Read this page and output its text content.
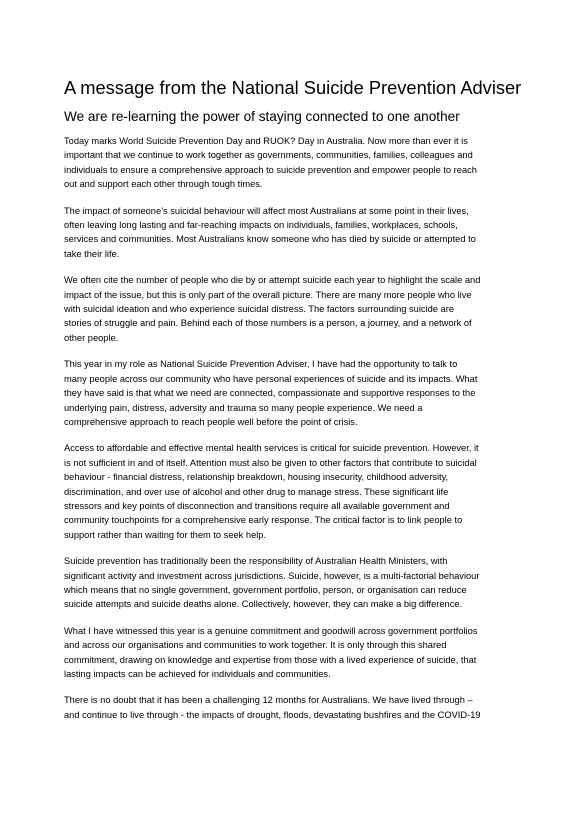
A message from the National Suicide Prevention Adviser
We are re-learning the power of staying connected to one another
Today marks World Suicide Prevention Day and RUOK? Day in Australia. Now more than ever it is
important that we continue to work together as governments, communities, families, colleagues and
individuals to ensure a comprehensive approach to suicide prevention and empower people to reach
out and support each other through tough times.
The impact of someone’s suicidal behaviour will affect most Australians at some point in their lives,
often leaving long lasting and far-reaching impacts on individuals, families, workplaces, schools,
services and communities. Most Australians know someone who has died by suicide or attempted to
take their life.
We often cite the number of people who die by or attempt suicide each year to highlight the scale and
impact of the issue, but this is only part of the overall picture. There are many more people who live
with suicidal ideation and who experience suicidal distress. The factors surrounding suicide are
stories of struggle and pain. Behind each of those numbers is a person, a journey, and a network of
other people.
This year in my role as National Suicide Prevention Adviser, I have had the opportunity to talk to
many people across our community who have personal experiences of suicide and its impacts. What
they have said is that what we need are connected, compassionate and supportive responses to the
underlying pain, distress, adversity and trauma so many people experience. We need a
comprehensive approach to reach people well before the point of crisis.
Access to affordable and effective mental health services is critical for suicide prevention. However, it
is not sufficient in and of itself. Attention must also be given to other factors that contribute to suicidal
behaviour - financial distress, relationship breakdown, housing insecurity, childhood adversity,
discrimination, and over use of alcohol and other drug to manage stress. These significant life
stressors and key points of disconnection and transitions require all available government and
community touchpoints for a comprehensive early response. The critical factor is to link people to
support rather than waiting for them to seek help.
Suicide prevention has traditionally been the responsibility of Australian Health Ministers, with
significant activity and investment across jurisdictions. Suicide, however, is a multi-factorial behaviour
which means that no single government, government portfolio, person, or organisation can reduce
suicide attempts and suicide deaths alone. Collectively, however, they can make a big difference.
What I have witnessed this year is a genuine commitment and goodwill across government portfolios
and across our organisations and communities to work together. It is only through this shared
commitment, drawing on knowledge and expertise from those with a lived experience of suicide, that
lasting impacts can be achieved for individuals and communities.
There is no doubt that it has been a challenging 12 months for Australians. We have lived through –
and continue to live through - the impacts of drought, floods, devastating bushfires and the COVID-19
